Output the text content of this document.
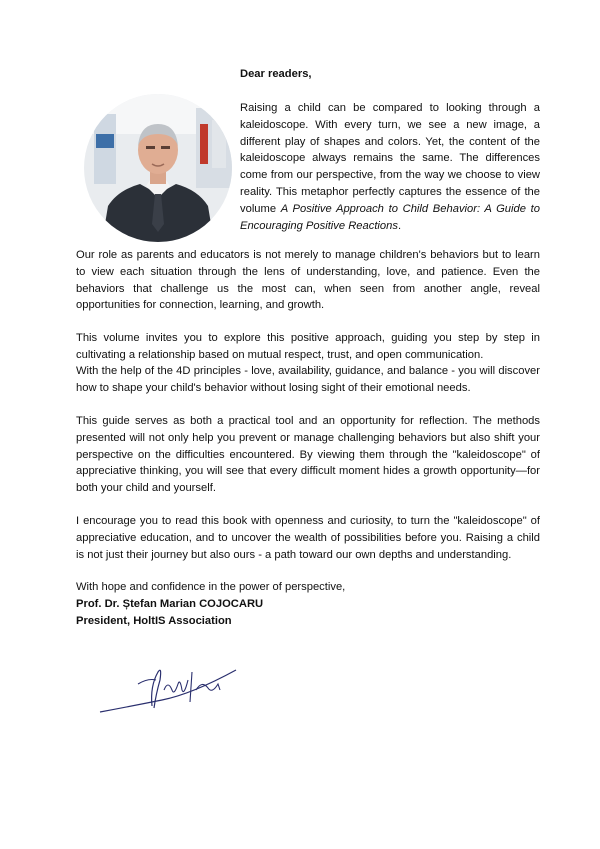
Dear readers,

Raising a child can be compared to looking through a kaleidoscope. With every turn, we see a new image, a different play of shapes and colors. Yet, the content of the kaleidoscope always remains the same. The differences come from our perspective, from the way we choose to view reality. This metaphor perfectly captures the essence of the volume A Positive Approach to Child Behavior: A Guide to Encouraging Positive Reactions.

Our role as parents and educators is not merely to manage children's behaviors but to learn to view each situation through the lens of understanding, love, and patience. Even the behaviors that challenge us the most can, when seen from another angle, reveal opportunities for connection, learning, and growth.

This volume invites you to explore this positive approach, guiding you step by step in cultivating a relationship based on mutual respect, trust, and open communication.

With the help of the 4D principles - love, availability, guidance, and balance - you will discover how to shape your child's behavior without losing sight of their emotional needs.

This guide serves as both a practical tool and an opportunity for reflection. The methods presented will not only help you prevent or manage challenging behaviors but also shift your perspective on the difficulties encountered. By viewing them through the "kaleidoscope" of appreciative thinking, you will see that every difficult moment hides a growth opportunity—for both your child and yourself.

I encourage you to read this book with openness and curiosity, to turn the "kaleidoscope" of appreciative education, and to uncover the wealth of possibilities before you. Raising a child is not just their journey but also ours - a path toward our own depths and understanding.

With hope and confidence in the power of perspective,
Prof. Dr. Ștefan Marian COJOCARU
President, HoltIS Association
